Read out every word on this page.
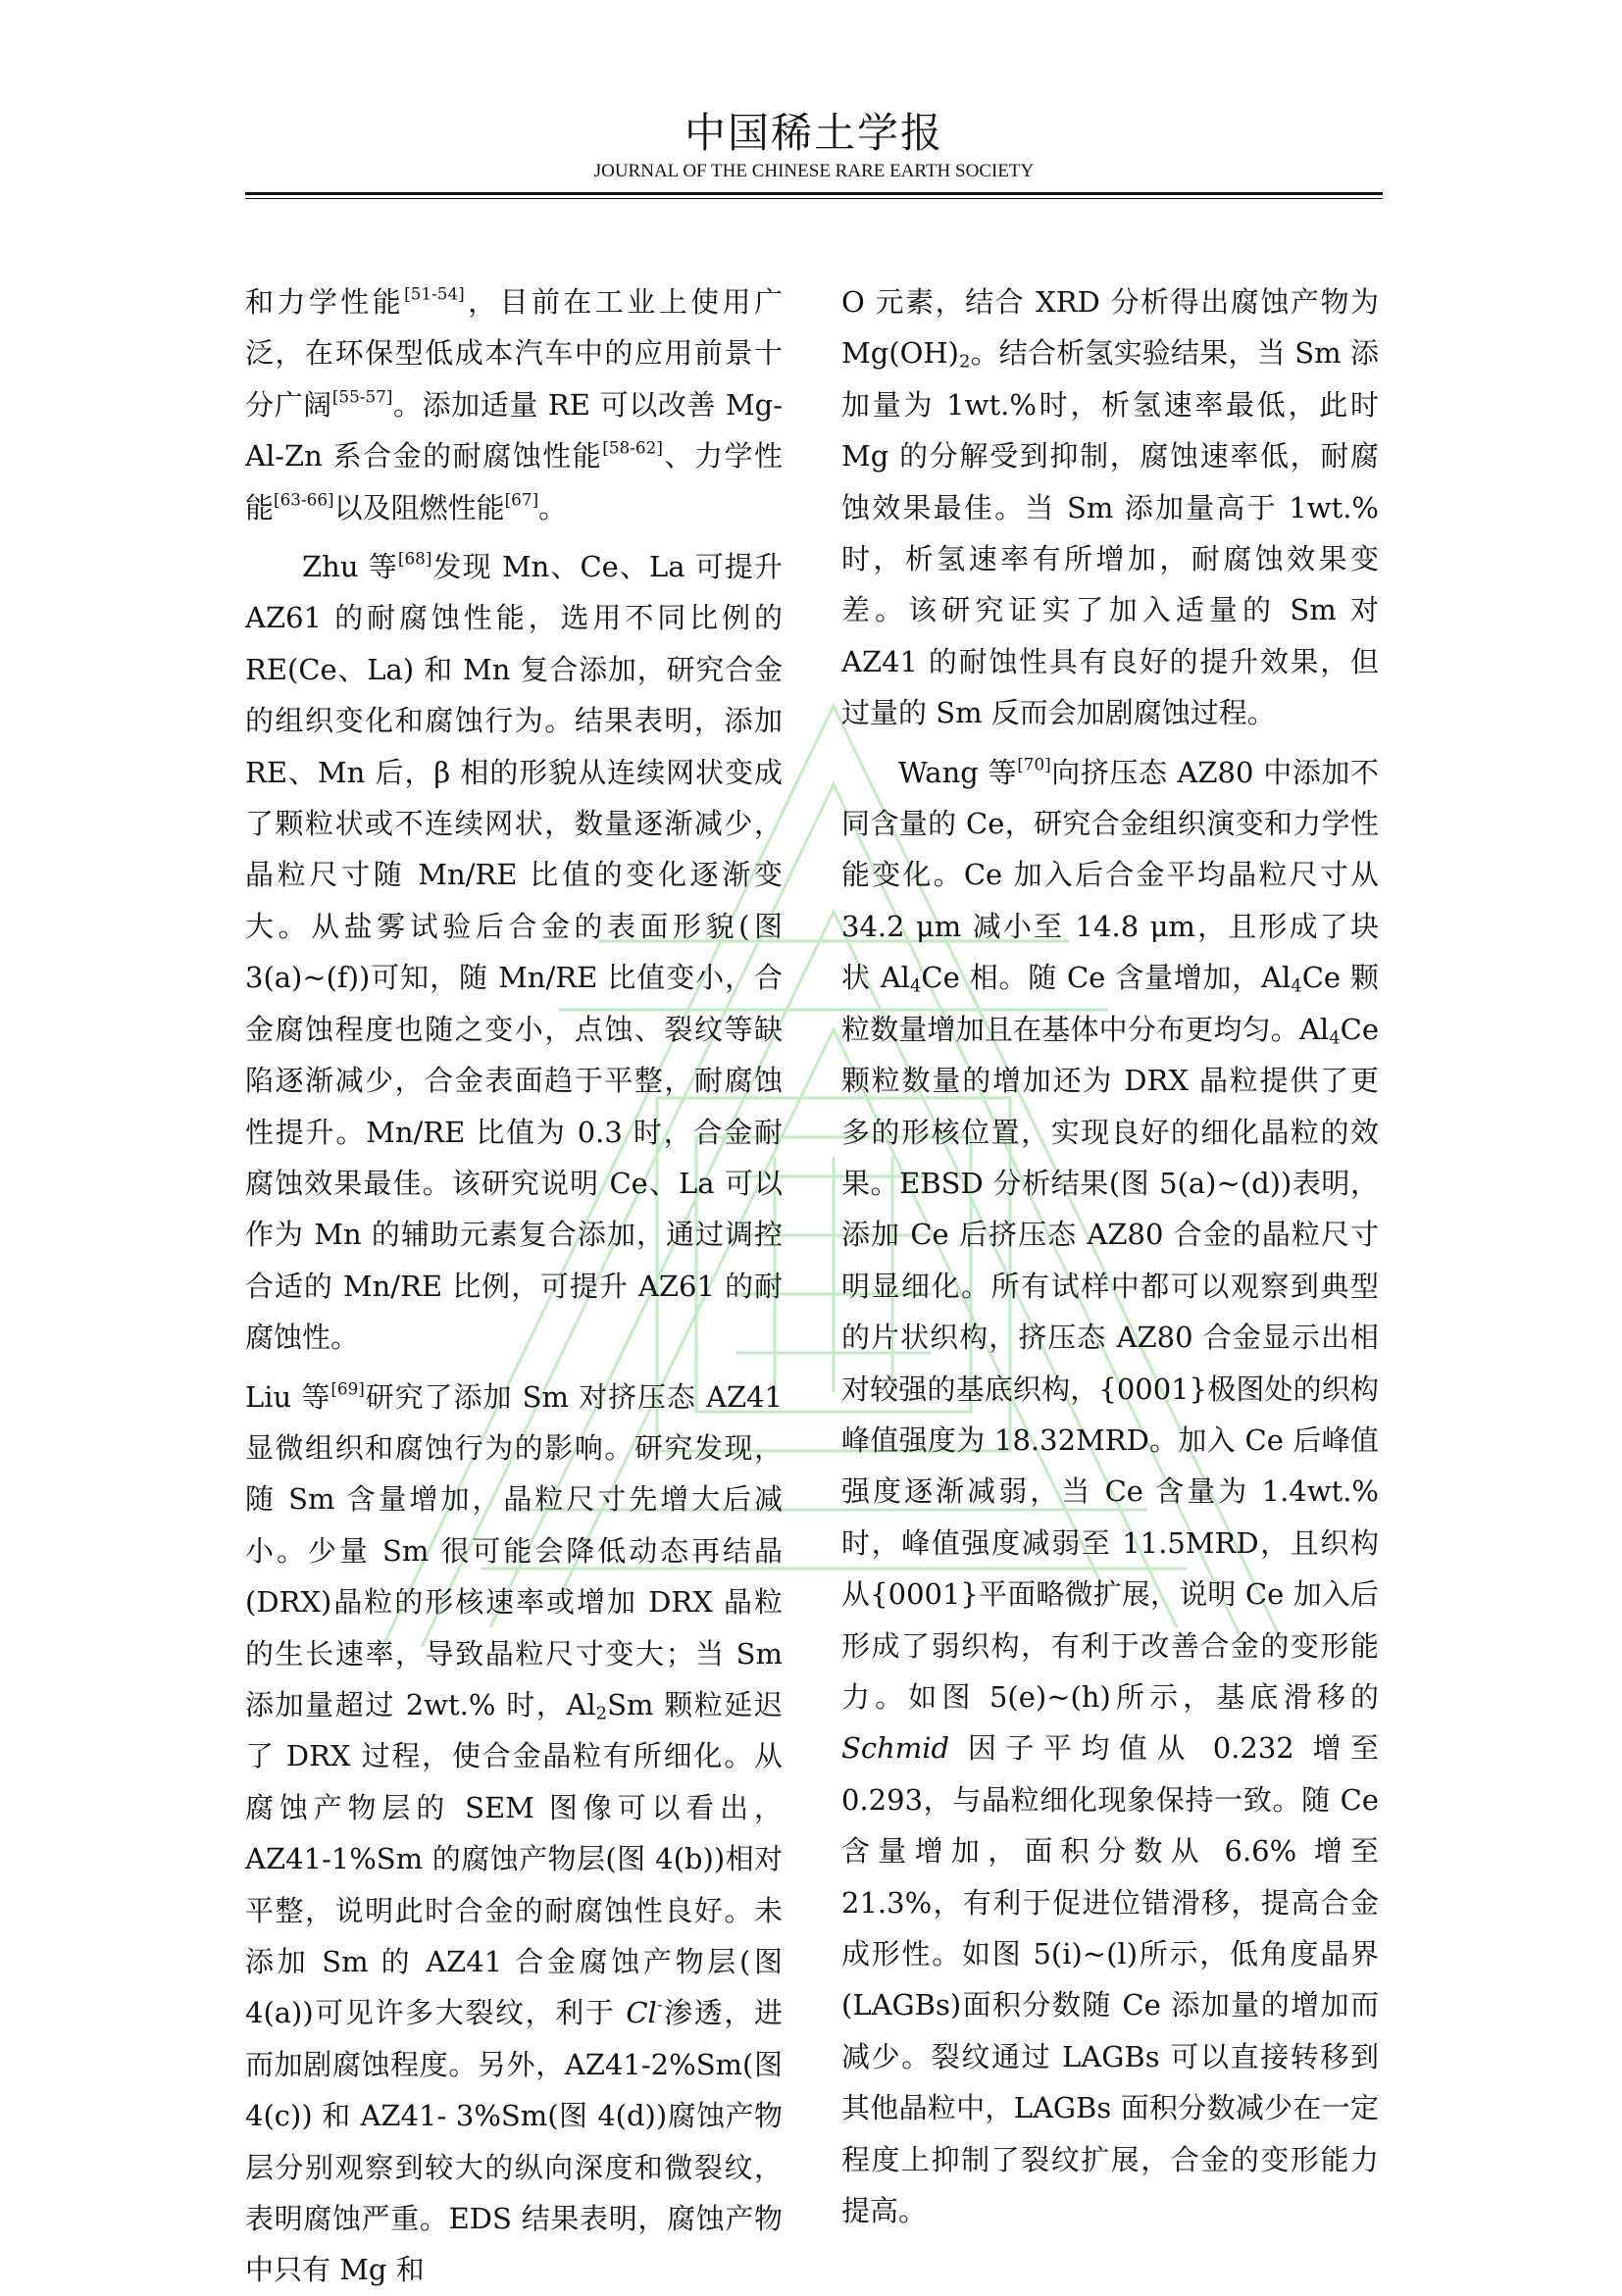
中国稀土学报
JOURNAL OF THE CHINESE RARE EARTH SOCIETY

和力学性能[51-54]，目前在工业上使用广泛，在环保型低成本汽车中的应用前景十分广阔[55-57]。添加适量 RE 可以改善 Mg-Al-Zn 系合金的耐腐蚀性能[58-62]、力学性能[63-66]以及阻燃性能[67]。

Zhu 等[68]发现 Mn、Ce、La 可提升 AZ61 的耐腐蚀性能，选用不同比例的 RE(Ce、La) 和 Mn 复合添加，研究合金的组织变化和腐蚀行为。结果表明，添加 RE、Mn 后，β 相的形貌从连续网状变成了颗粒状或不连续网状，数量逐渐减少，晶粒尺寸随 Mn/RE 比值的变化逐渐变大。从盐雾试验后合金的表面形貌(图 3(a)~(f))可知，随 Mn/RE 比值变小，合金腐蚀程度也随之变小，点蚀、裂纹等缺陷逐渐减少，合金表面趋于平整，耐腐蚀性提升。Mn/RE 比值为 0.3 时，合金耐腐蚀效果最佳。该研究说明 Ce、La 可以作为 Mn 的辅助元素复合添加，通过调控合适的 Mn/RE 比例，可提升 AZ61 的耐腐蚀性。

Liu 等[69]研究了添加 Sm 对挤压态 AZ41 显微组织和腐蚀行为的影响。研究发现，随 Sm 含量增加，晶粒尺寸先增大后减小。少量 Sm 很可能会降低动态再结晶(DRX)晶粒的形核速率或增加 DRX 晶粒的生长速率，导致晶粒尺寸变大；当 Sm 添加量超过 2wt.% 时，$Al_2Sm$ 颗粒延迟了 DRX 过程，使合金晶粒有所细化。从腐蚀产物层的 SEM 图像可以看出，AZ41-1%Sm 的腐蚀产物层(图 4(b))相对平整，说明此时合金的耐腐蚀性良好。未添加 Sm 的 AZ41 合金腐蚀产物层(图 4(a))可见许多大裂纹，利于 Cl-渗透，进而加剧腐蚀程度。另外，AZ41-2%Sm(图 4(c)) 和 AZ41- 3%Sm(图 4(d))腐蚀产物层分别观察到较大的纵向深度和微裂纹，表明腐蚀严重。EDS 结果表明，腐蚀产物中只有 Mg 和

O 元素，结合 XRD 分析得出腐蚀产物为 $Mg(OH)_2$。结合析氢实验结果，当 Sm 添加量为 1wt.%时，析氢速率最低，此时 Mg 的分解受到抑制，腐蚀速率低，耐腐蚀效果最佳。当 Sm 添加量高于 1wt.%时，析氢速率有所增加，耐腐蚀效果变差。该研究证实了加入适量的 Sm 对 AZ41 的耐蚀性具有良好的提升效果，但过量的 Sm 反而会加剧腐蚀过程。

Wang 等[70]向挤压态 AZ80 中添加不同含量的 Ce，研究合金组织演变和力学性能变化。Ce 加入后合金平均晶粒尺寸从 34.2 μm 减小至 14.8 μm，且形成了块状 $Al_4Ce$ 相。随 Ce 含量增加，$Al_4Ce$ 颗粒数量增加且在基体中分布更均匀。$Al_4Ce$ 颗粒数量的增加还为 DRX 晶粒提供了更多的形核位置，实现良好的细化晶粒的效果。EBSD 分析结果(图 5(a)~(d))表明，添加 Ce 后挤压态 AZ80 合金的晶粒尺寸明显细化。所有试样中都可以观察到典型的片状织构，挤压态 AZ80 合金显示出相对较强的基底织构，{0001}极图处的织构峰值强度为 18.32MRD。加入 Ce 后峰值强度逐渐减弱，当 Ce 含量为 1.4wt.% 时，峰值强度减弱至 11.5MRD，且织构从{0001}平面略微扩展，说明 Ce 加入后形成了弱织构，有利于改善合金的变形能力。如图 5(e)~(h)所示，基底滑移的 Schmid 因子平均值从 0.232 增至 0.293，与晶粒细化现象保持一致。随 Ce 含量增加，面积分数从 6.6% 增至 21.3%，有利于促进位错滑移，提高合金成形性。如图 5(i)~(l)所示，低角度晶界(LAGBs)面积分数随 Ce 添加量的增加而减少。裂纹通过 LAGBs 可以直接转移到其他晶粒中，LAGBs 面积分数减少在一定程度上抑制了裂纹扩展，合金的变形能力提高。
